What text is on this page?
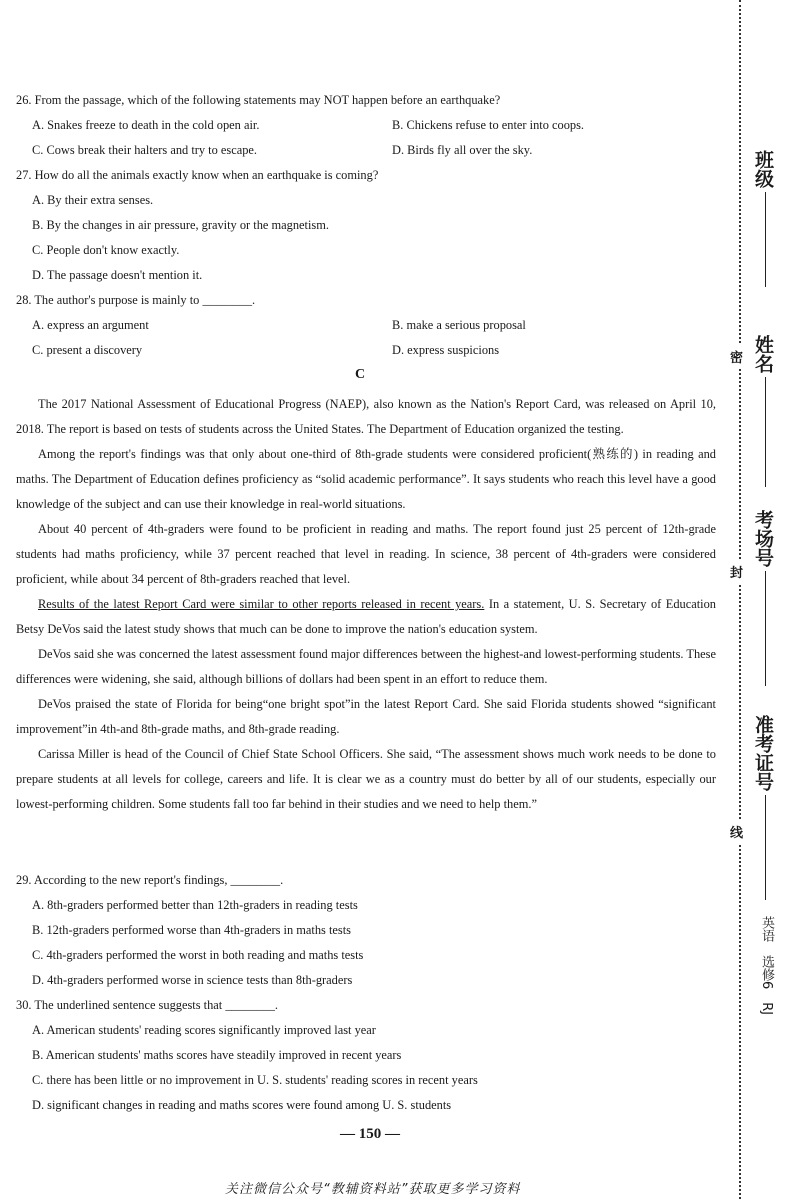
26. From the passage, which of the following statements may NOT happen before an earthquake?
A. Snakes freeze to death in the cold open air.	B. Chickens refuse to enter into coops.
C. Cows break their halters and try to escape.	D. Birds fly all over the sky.
27. How do all the animals exactly know when an earthquake is coming?
A. By their extra senses.
B. By the changes in air pressure, gravity or the magnetism.
C. People don't know exactly.
D. The passage doesn't mention it.
28. The author's purpose is mainly to ________.
A. express an argument	B. make a serious proposal
C. present a discovery	D. express suspicions
C

The 2017 National Assessment of Educational Progress (NAEP), also known as the Nation's Report Card, was released on April 10, 2018. The report is based on tests of students across the United States. The Department of Education organized the testing.

Among the report's findings was that only about one-third of 8th-grade students were considered proficient(熟练的) in reading and maths. The Department of Education defines proficiency as “solid academic performance”. It says students who reach this level have a good knowledge of the subject and can use their knowledge in real-world situations.

About 40 percent of 4th-graders were found to be proficient in reading and maths. The report found just 25 percent of 12th-grade students had maths proficiency, while 37 percent reached that level in reading. In science, 38 percent of 4th-graders were considered proficient, while about 34 percent of 8th-graders reached that level.

Results of the latest Report Card were similar to other reports released in recent years. In a statement, U. S. Secretary of Education Betsy DeVos said the latest study shows that much can be done to improve the nation's education system.

DeVos said she was concerned the latest assessment found major differences between the highest-and lowest-performing students. These differences were widening, she said, although billions of dollars had been spent in an effort to reduce them.

DeVos praised the state of Florida for being“one bright spot”in the latest Report Card. She said Florida students showed “significant improvement”in 4th-and 8th-grade maths, and 8th-grade reading.

Carissa Miller is head of the Council of Chief State School Officers. She said, “The assessment shows much work needs to be done to prepare students at all levels for college, careers and life. It is clear we as a country must do better by all of our students, especially our lowest-performing children. Some students fall too far behind in their studies and we need to help them.”

29. According to the new report's findings, ________.
A. 8th-graders performed better than 12th-graders in reading tests
B. 12th-graders performed worse than 4th-graders in maths tests
C. 4th-graders performed the worst in both reading and maths tests
D. 4th-graders performed worse in science tests than 8th-graders
30. The underlined sentence suggests that ________.
A. American students' reading scores significantly improved last year
B. American students' maths scores have steadily improved in recent years
C. there has been little or no improvement in U. S. students' reading scores in recent years
D. significant changes in reading and maths scores were found among U. S. students
— 150 —
关注微信公众号“教辅资料站”获取更多学习资料
班级
姓名
考场号
准考证号
密
封
线
英语　选修6　RJ
